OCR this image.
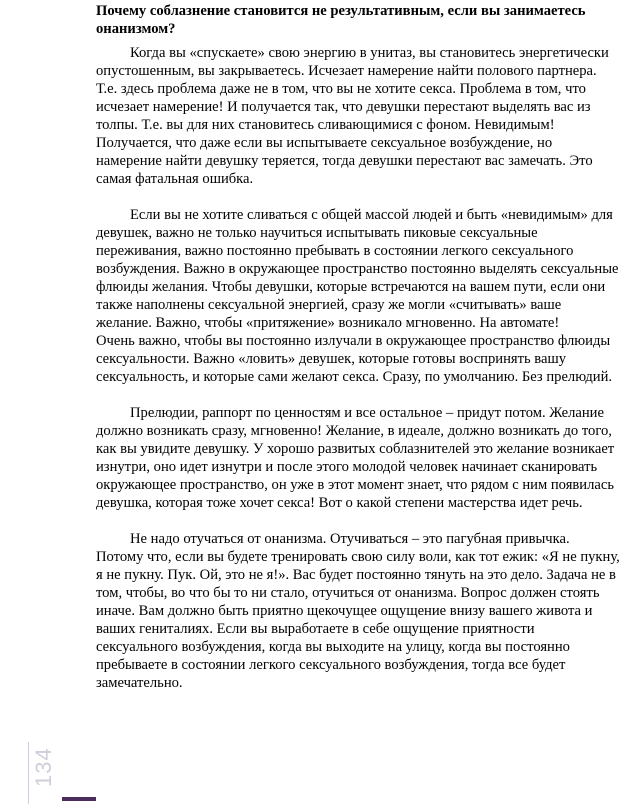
Почему соблазнение становится не результативным, если вы занимаетесь онанизмом?

Когда вы «спускаете» свою энергию в унитаз, вы становитесь энергетически опустошенным, вы закрываетесь. Исчезает намерение найти полового партнера. Т.е. здесь проблема даже не в том, что вы не хотите секса. Проблема в том, что исчезает намерение! И получается так, что девушки перестают выделять вас из толпы. Т.е. вы для них становитесь сливающимися с фоном. Невидимым! Получается, что даже если вы испытываете сексуальное возбуждение, но намерение найти девушку теряется, тогда девушки перестают вас замечать. Это самая фатальная ошибка.

Если вы не хотите сливаться с общей массой людей и быть «невидимым» для девушек, важно не только научиться испытывать пиковые сексуальные переживания, важно постоянно пребывать в состоянии легкого сексуального возбуждения. Важно в окружающее пространство постоянно выделять сексуальные флюиды желания. Чтобы девушки, которые встречаются на вашем пути, если они также наполнены сексуальной энергией, сразу же могли «считывать» ваше желание. Важно, чтобы «притяжение» возникало мгновенно. На автомате!

Очень важно, чтобы вы постоянно излучали в окружающее пространство флюиды сексуальности. Важно «ловить» девушек, которые готовы воспринять вашу сексуальность, и которые сами желают секса. Сразу, по умолчанию. Без прелюдий.

Прелюдии, раппорт по ценностям и все остальное – придут потом. Желание должно возникать сразу, мгновенно! Желание, в идеале, должно возникать до того, как вы увидите девушку. У хорошо развитых соблазнителей это желание возникает изнутри, оно идет изнутри и после этого молодой человек начинает сканировать окружающее пространство, он уже в этот момент знает, что рядом с ним появилась девушка, которая тоже хочет секса! Вот о какой степени мастерства идет речь.

Не надо отучаться от онанизма. Отучиваться – это пагубная привычка. Потому что, если вы будете тренировать свою силу воли, как тот ежик: «Я не пукну, я не пукну. Пук. Ой, это не я!». Вас будет постоянно тянуть на это дело. Задача не в том, чтобы, во что бы то ни стало, отучиться от онанизма. Вопрос должен стоять иначе. Вам должно быть приятно щекочущее ощущение внизу вашего живота и ваших гениталиях. Если вы выработаете в себе ощущение приятности сексуального возбуждения, когда вы выходите на улицу, когда вы постоянно пребываете в состоянии легкого сексуального возбуждения, тогда все будет замечательно.

134
